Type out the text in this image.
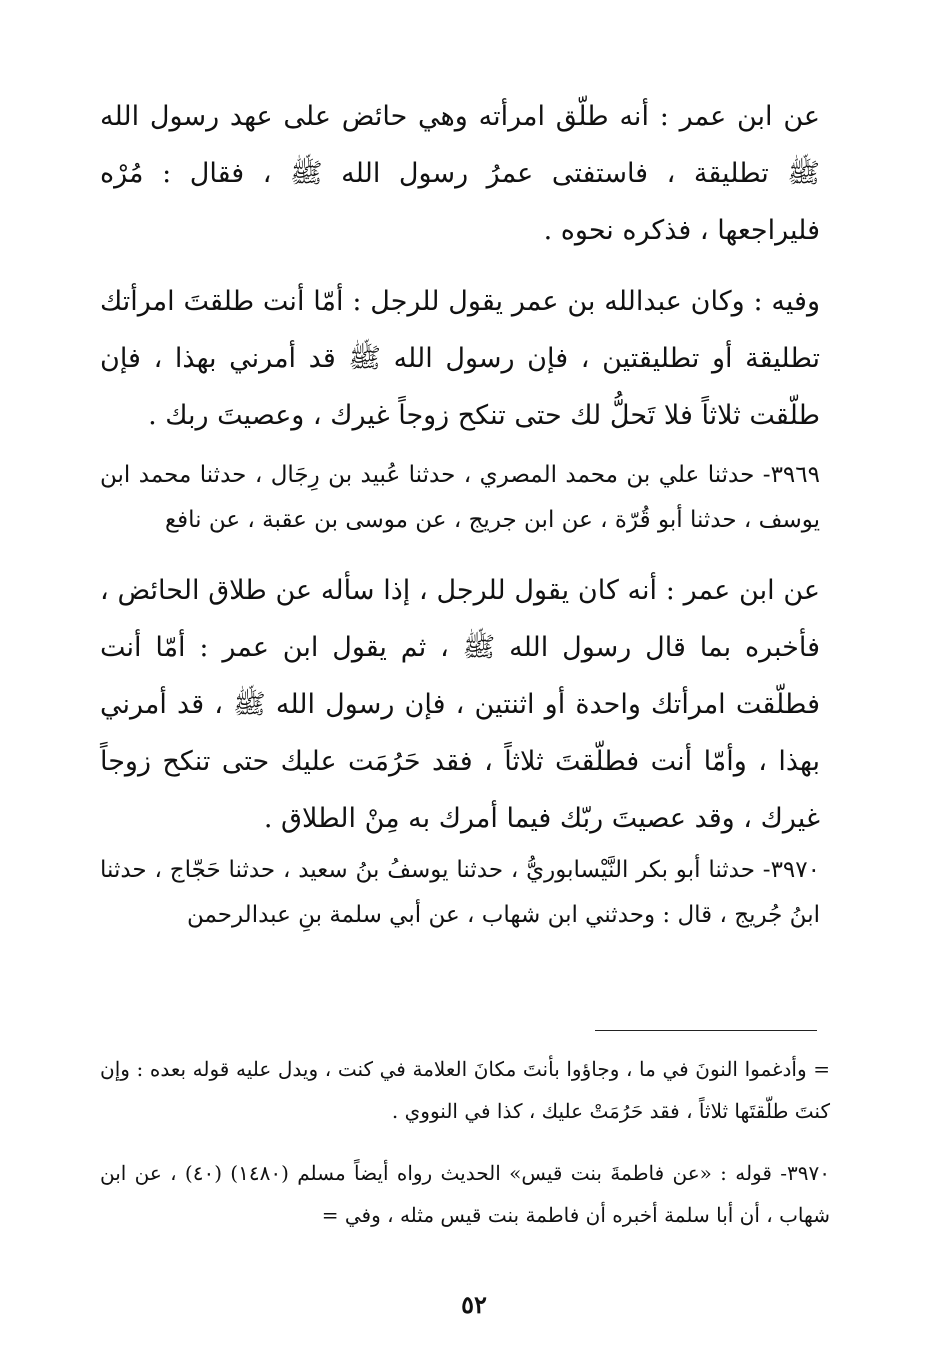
عن ابن عمر : أنه طلّق امرأته وهي حائض على عهد رسول الله ﷺ تطليقة ، فاستفتى عمرُ رسول الله ﷺ ، فقال : مُرْه فليراجعها ، فذكره نحوه .

وفيه : وكان عبدالله بن عمر يقول للرجل : أمّا أنت طلقتَ امرأتك تطليقة أو تطليقتين ، فإن رسول الله ﷺ قد أمرني بهذا ، فإن طلّقت ثلاثاً فلا تَحلُّ لك حتى تنكح زوجاً غيرك ، وعصيتَ ربك .

٣٩٦٩- حدثنا علي بن محمد المصري ، حدثنا عُبيد بن رِجَال ، حدثنا محمد ابن يوسف ، حدثنا أبو قُرّة ، عن ابن جريج ، عن موسى بن عقبة ، عن نافع

عن ابن عمر : أنه كان يقول للرجل ، إذا سأله عن طلاق الحائض ، فأخبره بما قال رسول الله ﷺ ، ثم يقول ابن عمر : أمّا أنت فطلّقت امرأتك واحدة أو اثنتين ، فإن رسول الله ﷺ ، قد أمرني بهذا ، وأمّا أنت فطلّقتَ ثلاثاً ، فقد حَرُمَت عليك حتى تنكح زوجاً غيرك ، وقد عصيتَ ربّك فيما أمرك به مِنْ الطلاق .

٣٩٧٠- حدثنا أبو بكر النَّيْسابوريُّ ، حدثنا يوسفُ بنُ سعيد ، حدثنا حَجّاج ، حدثنا ابنُ جُريج ، قال : وحدثني ابن شهاب ، عن أبي سلمة بنِ عبدالرحمن

= وأدغموا النونَ في ما ، وجاؤوا بأنتَ مكانَ العلامة في كنت ، ويدل عليه قوله بعده : وإن كنتَ طلّقتَها ثلاثاً ، فقد حَرُمَتْ عليك ، كذا في النووي .

٣٩٧٠- قوله : «عن فاطمةَ بنت قيس» الحديث رواه أيضاً مسلم (١٤٨٠) (٤٠) ، عن ابن شهاب ، أن أبا سلمة أخبره أن فاطمة بنت قيس مثله ، وفي =

٥٢
